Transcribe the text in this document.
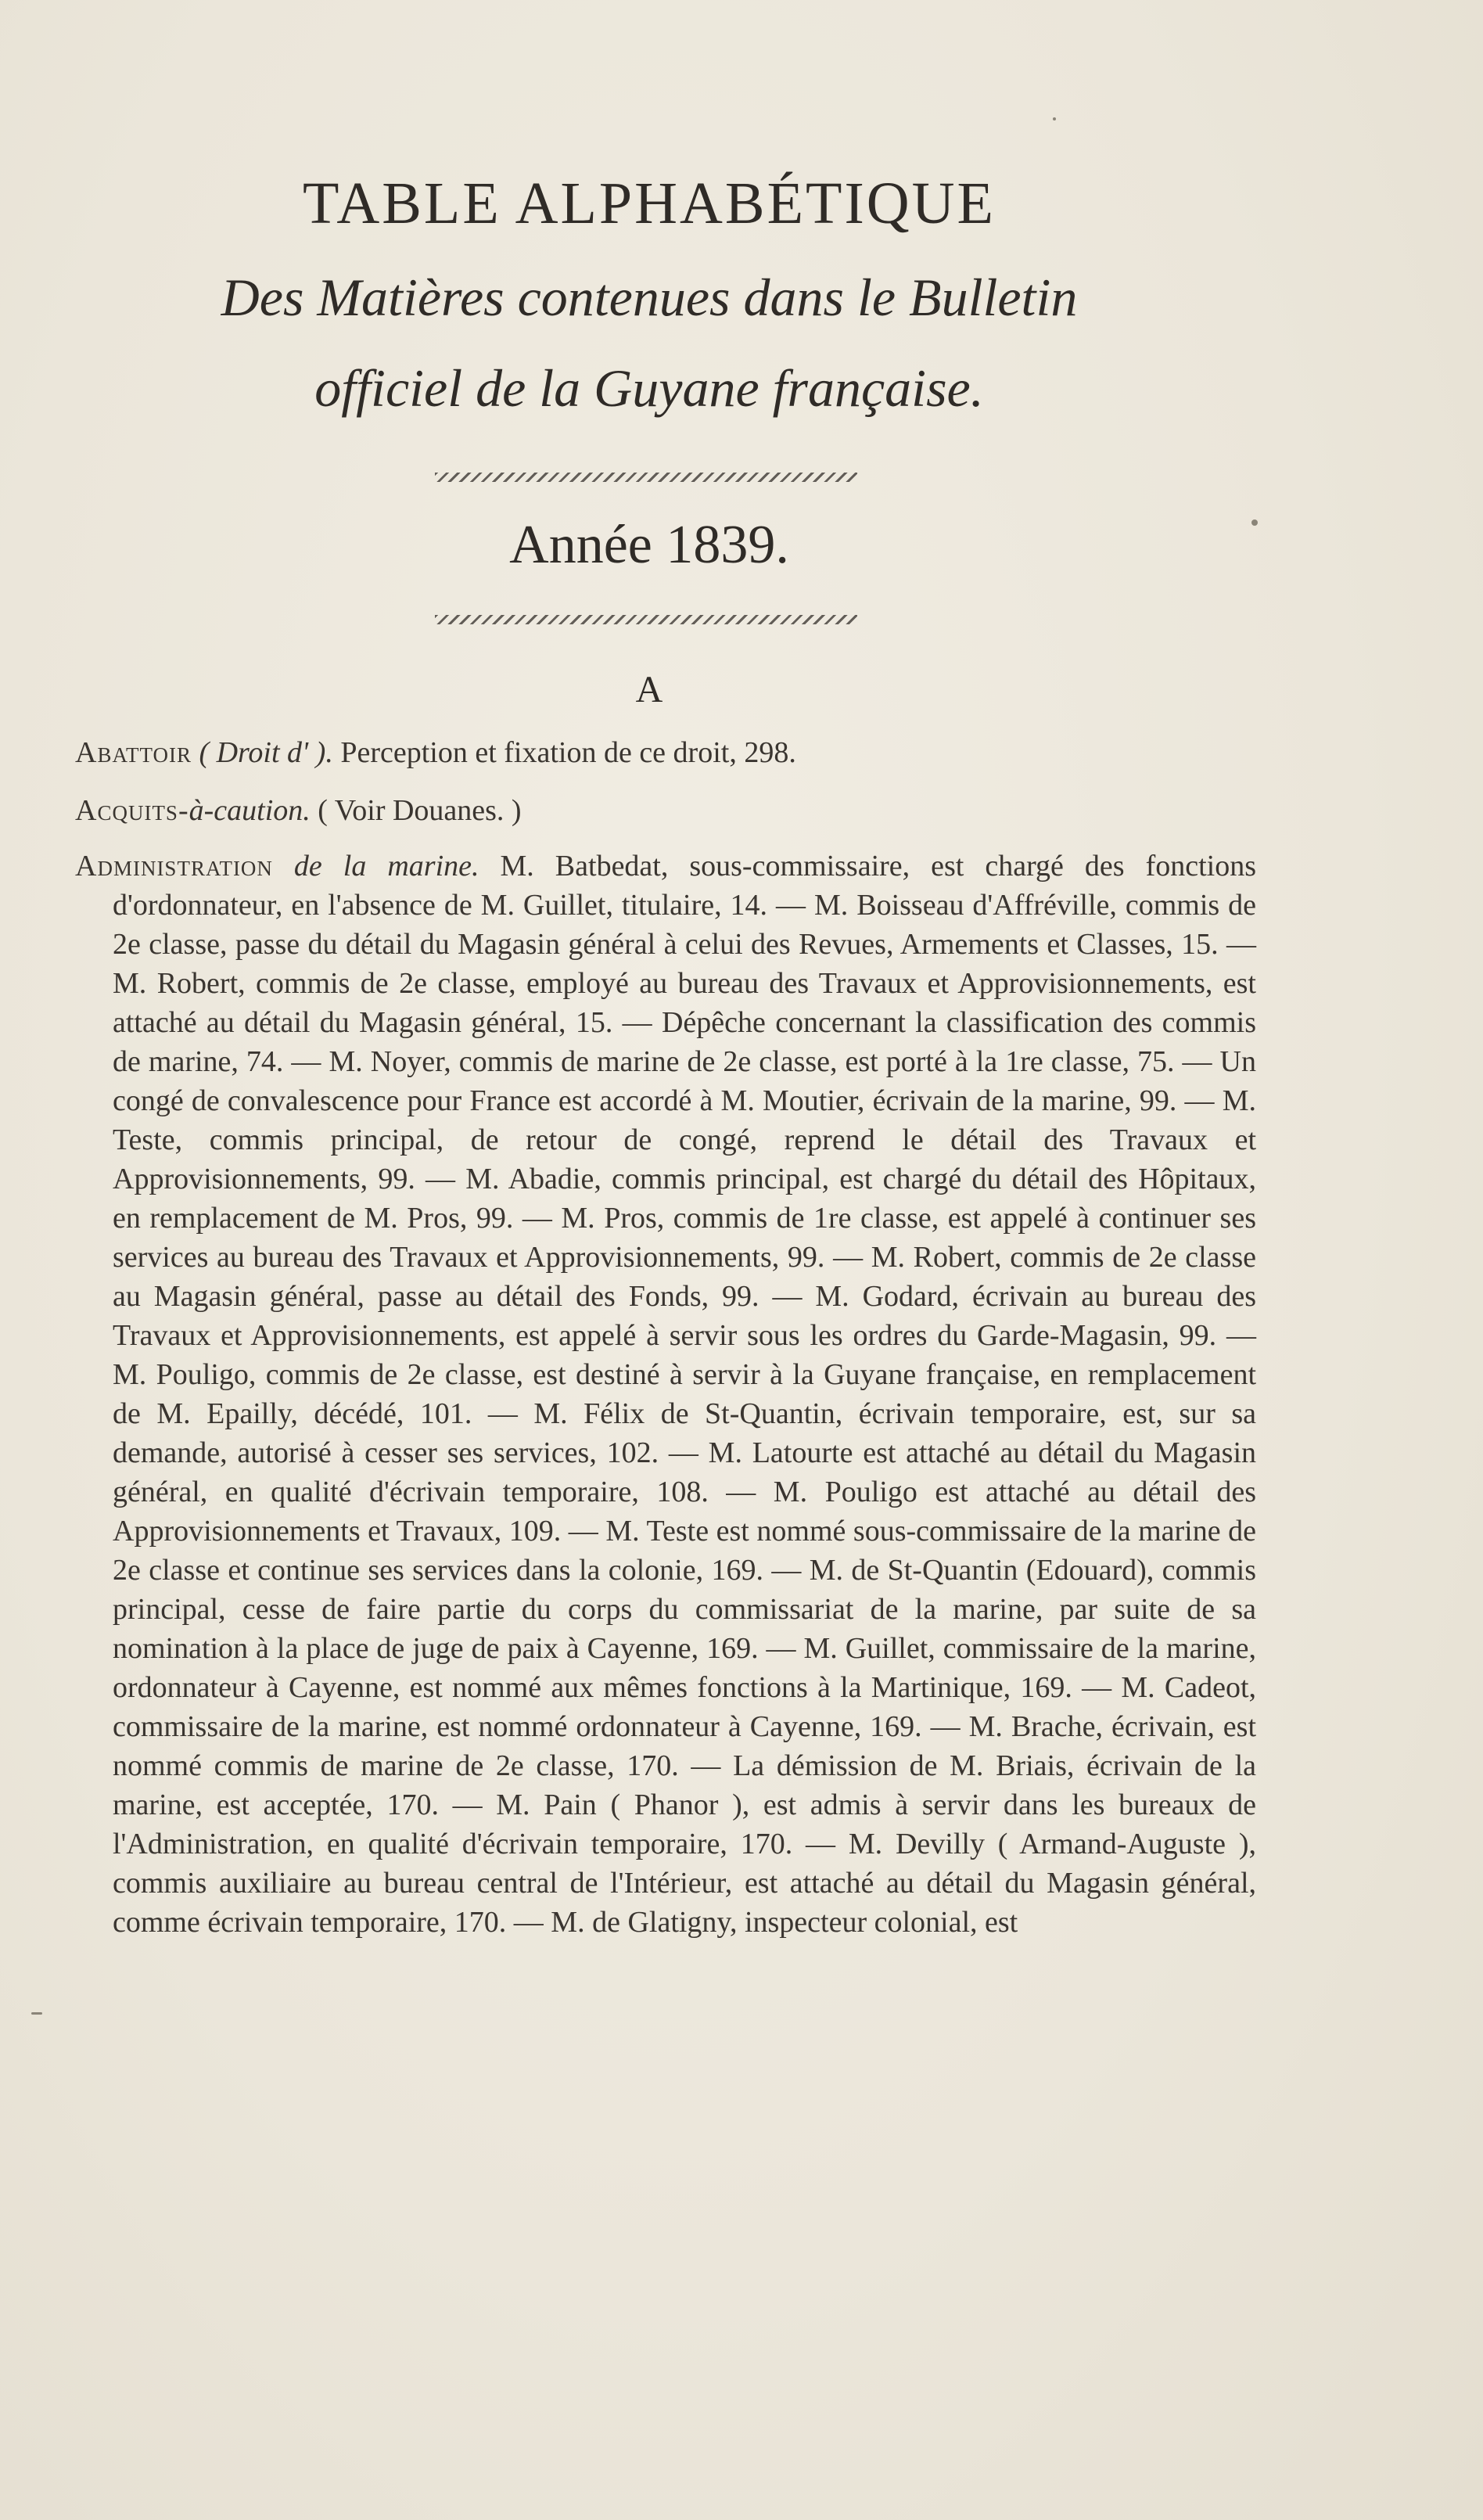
TABLE ALPHABÉTIQUE
Des Matières contenues dans le Bulletin
officiel de la Guyane française.
Année 1839.
A
Abattoir ( Droit d' ). Perception et fixation de ce droit, 298.
Acquits-à-caution. ( Voir Douanes. )
Administration de la marine. M. Batbedat, sous-commissaire, est chargé des fonctions d'ordonnateur, en l'absence de M. Guillet, titulaire, 14. — M. Boisseau d'Affréville, commis de 2e classe, passe du détail du Magasin général à celui des Revues, Armements et Classes, 15. — M. Robert, commis de 2e classe, employé au bureau des Travaux et Approvisionnements, est attaché au détail du Magasin général, 15. — Dépêche concernant la classification des commis de marine, 74. — M. Noyer, commis de marine de 2e classe, est porté à la 1re classe, 75. — Un congé de convalescence pour France est accordé à M. Moutier, écrivain de la marine, 99. — M. Teste, commis principal, de retour de congé, reprend le détail des Travaux et Approvisionnements, 99. — M. Abadie, commis principal, est chargé du détail des Hôpitaux, en remplacement de M. Pros, 99. — M. Pros, commis de 1re classe, est appelé à continuer ses services au bureau des Travaux et Approvisionnements, 99. — M. Robert, commis de 2e classe au Magasin général, passe au détail des Fonds, 99. — M. Godard, écrivain au bureau des Travaux et Approvisionnements, est appelé à servir sous les ordres du Garde-Magasin, 99. — M. Pouligo, commis de 2e classe, est destiné à servir à la Guyane française, en remplacement de M. Epailly, décédé, 101. — M. Félix de St-Quantin, écrivain temporaire, est, sur sa demande, autorisé à cesser ses services, 102. — M. Latourte est attaché au détail du Magasin général, en qualité d'écrivain temporaire, 108. — M. Pouligo est attaché au détail des Approvisionnements et Travaux, 109. — M. Teste est nommé sous-commissaire de la marine de 2e classe et continue ses services dans la colonie, 169. — M. de St-Quantin (Edouard), commis principal, cesse de faire partie du corps du commissariat de la marine, par suite de sa nomination à la place de juge de paix à Cayenne, 169. — M. Guillet, commissaire de la marine, ordonnateur à Cayenne, est nommé aux mêmes fonctions à la Martinique, 169. — M. Cadeot, commissaire de la marine, est nommé ordonnateur à Cayenne, 169. — M. Brache, écrivain, est nommé commis de marine de 2e classe, 170. — La démission de M. Briais, écrivain de la marine, est acceptée, 170. — M. Pain ( Phanor ), est admis à servir dans les bureaux de l'Administration, en qualité d'écrivain temporaire, 170. — M. Devilly ( Armand-Auguste ), commis auxiliaire au bureau central de l'Intérieur, est attaché au détail du Magasin général, comme écrivain temporaire, 170. — M. de Glatigny, inspecteur colonial, est
